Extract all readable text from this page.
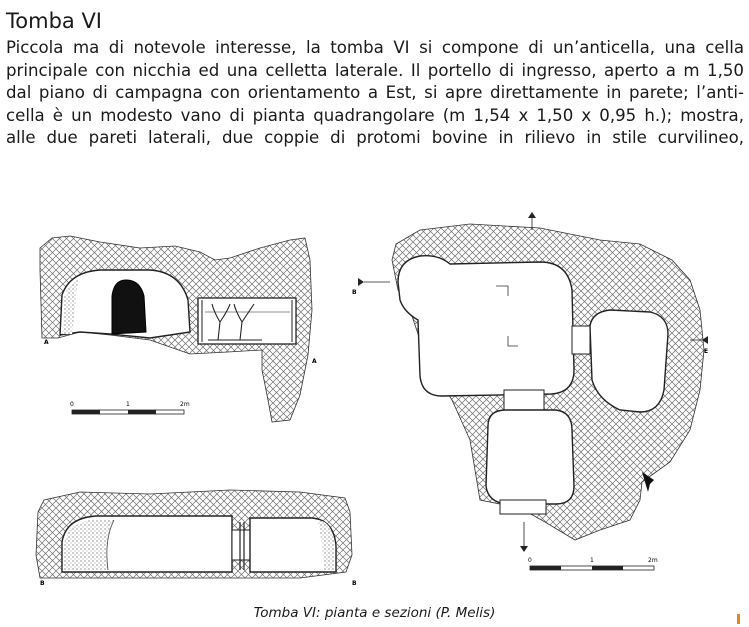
Tomba VI
Piccola ma di notevole interesse, la tomba VI si compone di un’anticella, una cella
principale con nicchia ed una celletta laterale. Il portello di ingresso, aperto a m 1,50
dal piano di campagna con orientamento a Est, si apre direttamente in parete; l’anti-
cella è un modesto vano di pianta quadrangolare (m 1,54 x 1,50 x 0,95 h.); mostra,
alle due pareti laterali, due coppie di protomi bovine in rilievo in stile curvilineo,
A
A
0	1	2m
B	B
B
E
0	1	2m
Tomba VI: pianta e sezioni (P. Melis)
